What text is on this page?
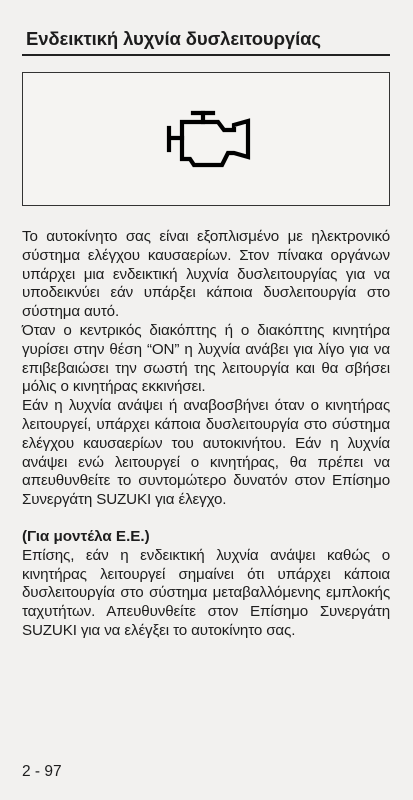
Ενδεικτική λυχνία δυσλειτουργίας

Το αυτοκίνητο σας είναι εξοπλισμένο με ηλεκτρονικό σύστημα ελέγχου καυσαερίων. Στον πίνακα οργάνων υπάρχει μια ενδεικτική λυχνία δυσλειτουργίας για να υποδεικνύει εάν υπάρξει κάποια δυσλειτουργία στο σύστημα αυτό.

Όταν ο κεντρικός διακόπτης ή ο διακόπτης κινητήρα γυρίσει στην θέση “ON” η λυχνία ανάβει για λίγο για να επιβεβαιώσει την σωστή της λειτουργία και θα σβήσει μόλις ο κινητήρας εκκινήσει.

Εάν η λυχνία ανάψει ή αναβοσβήνει όταν ο κινητήρας λειτουργεί, υπάρχει κάποια δυσλειτουργία στο σύστημα ελέγχου καυσαερίων του αυτοκινήτου. Εάν η λυχνία ανάψει ενώ λειτουργεί ο κινητήρας, θα πρέπει να απευθυνθείτε το συντομώτερο δυνατόν στον Επίσημο Συνεργάτη SUZUKI για έλεγχο.

(Για μοντέλα Ε.Ε.)

Επίσης, εάν η ενδεικτική λυχνία ανάψει καθώς ο κινητήρας λειτουργεί σημαίνει ότι υπάρχει κάποια δυσλειτουργία στο σύστημα μεταβαλλόμενης εμπλοκής ταχυτήτων. Απευθυνθείτε στον Επίσημο Συνεργάτη SUZUKI για να ελέγξει το αυτοκίνητο σας.

2 - 97
